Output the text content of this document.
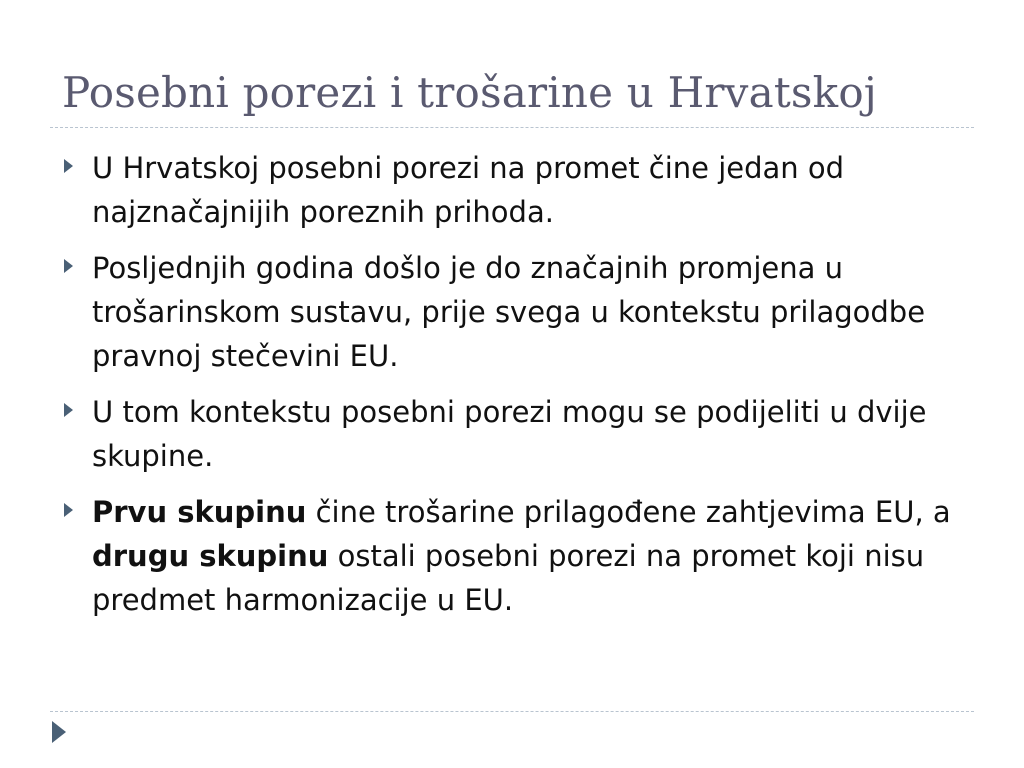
Posebni porezi i trošarine u Hrvatskoj
U Hrvatskoj posebni porezi na promet čine jedan od najznačajnijih poreznih prihoda.
Posljednjih godina došlo je do značajnih promjena u trošarinskom sustavu, prije svega u kontekstu prilagodbe pravnoj stečevini EU.
U tom kontekstu posebni porezi mogu se podijeliti u dvije skupine.
Prvu skupinu čine trošarine prilagođene zahtjevima EU, a drugu skupinu ostali posebni porezi na promet koji nisu predmet harmonizacije u EU.
